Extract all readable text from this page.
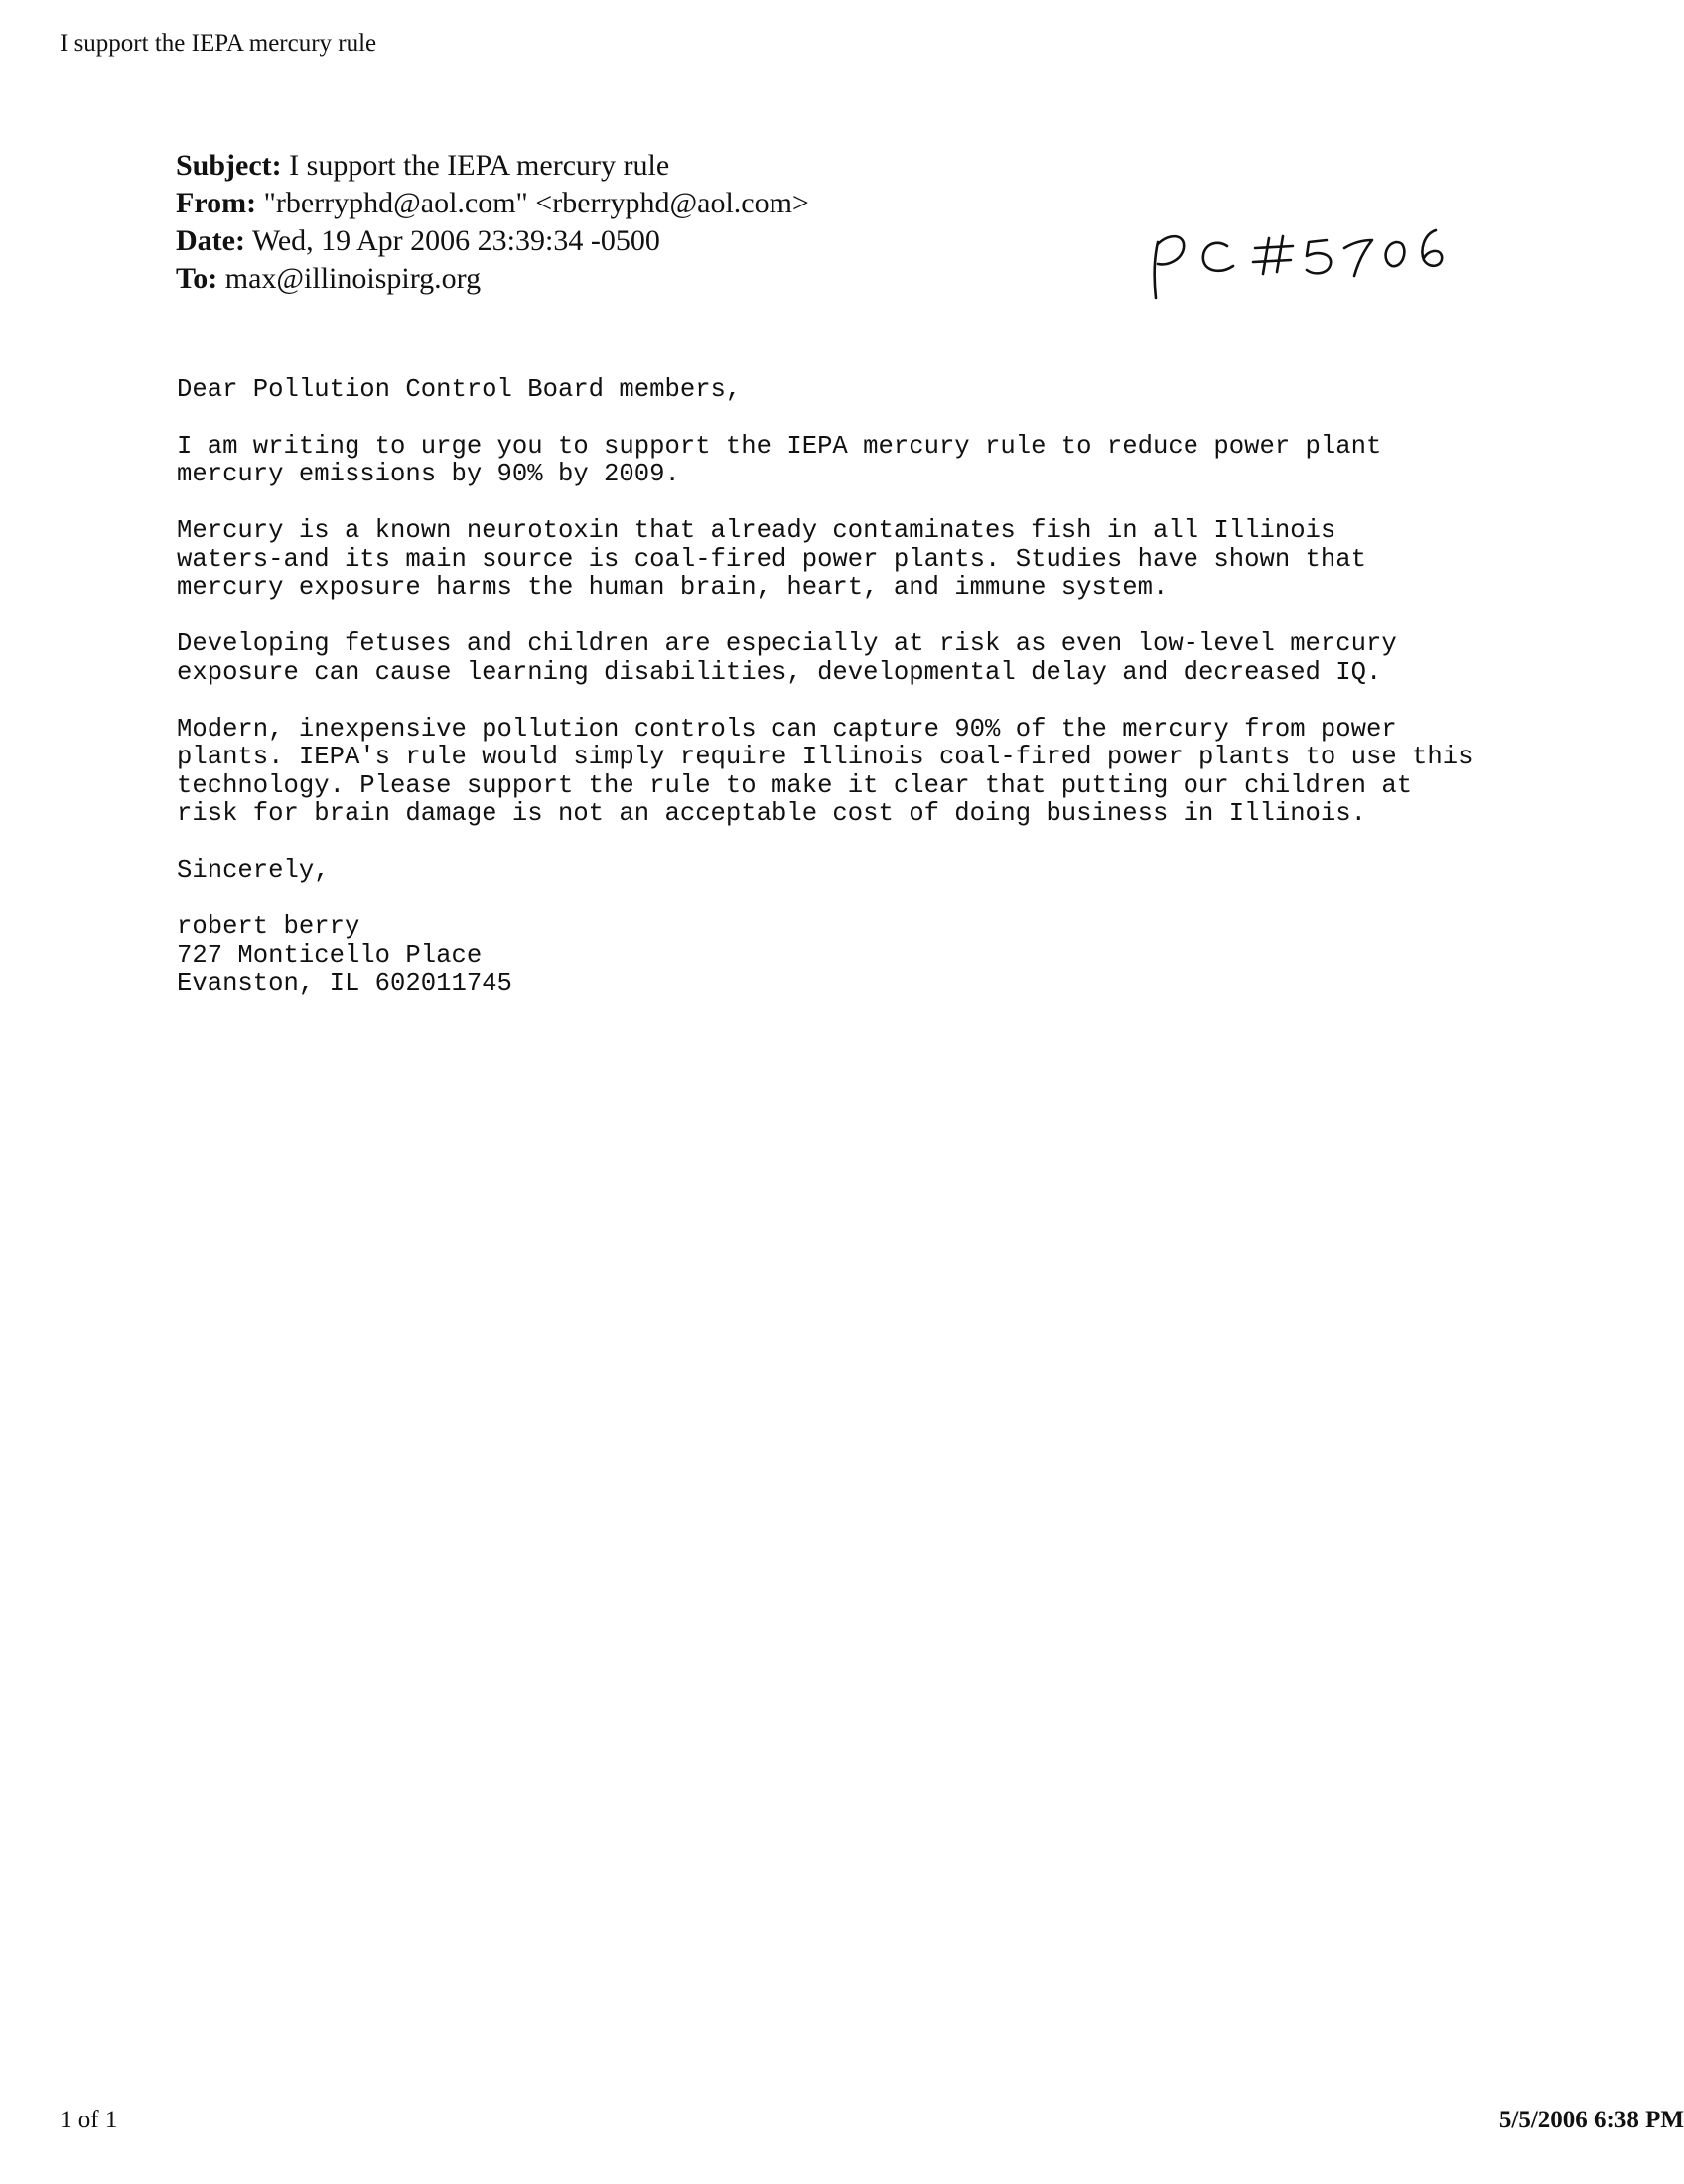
I support the IEPA mercury rule
Subject: I support the IEPA mercury rule
From: "rberryphd@aol.com" <rberryphd@aol.com>
Date: Wed, 19 Apr 2006 23:39:34 -0500
To: max@illinoispirg.org

Dear Pollution Control Board members,

I am writing to urge you to support the IEPA mercury rule to reduce power plant
mercury emissions by 90% by 2009.

Mercury is a known neurotoxin that already contaminates fish in all Illinois
waters-and its main source is coal-fired power plants. Studies have shown that
mercury exposure harms the human brain, heart, and immune system.

Developing fetuses and children are especially at risk as even low-level mercury
exposure can cause learning disabilities, developmental delay and decreased IQ.

Modern, inexpensive pollution controls can capture 90% of the mercury from power
plants. IEPA's rule would simply require Illinois coal-fired power plants to use this
technology. Please support the rule to make it clear that putting our children at
risk for brain damage is not an acceptable cost of doing business in Illinois.

Sincerely,

robert berry
727 Monticello Place
Evanston, IL 602011745

1 of 1	5/5/2006 6:38 PM
